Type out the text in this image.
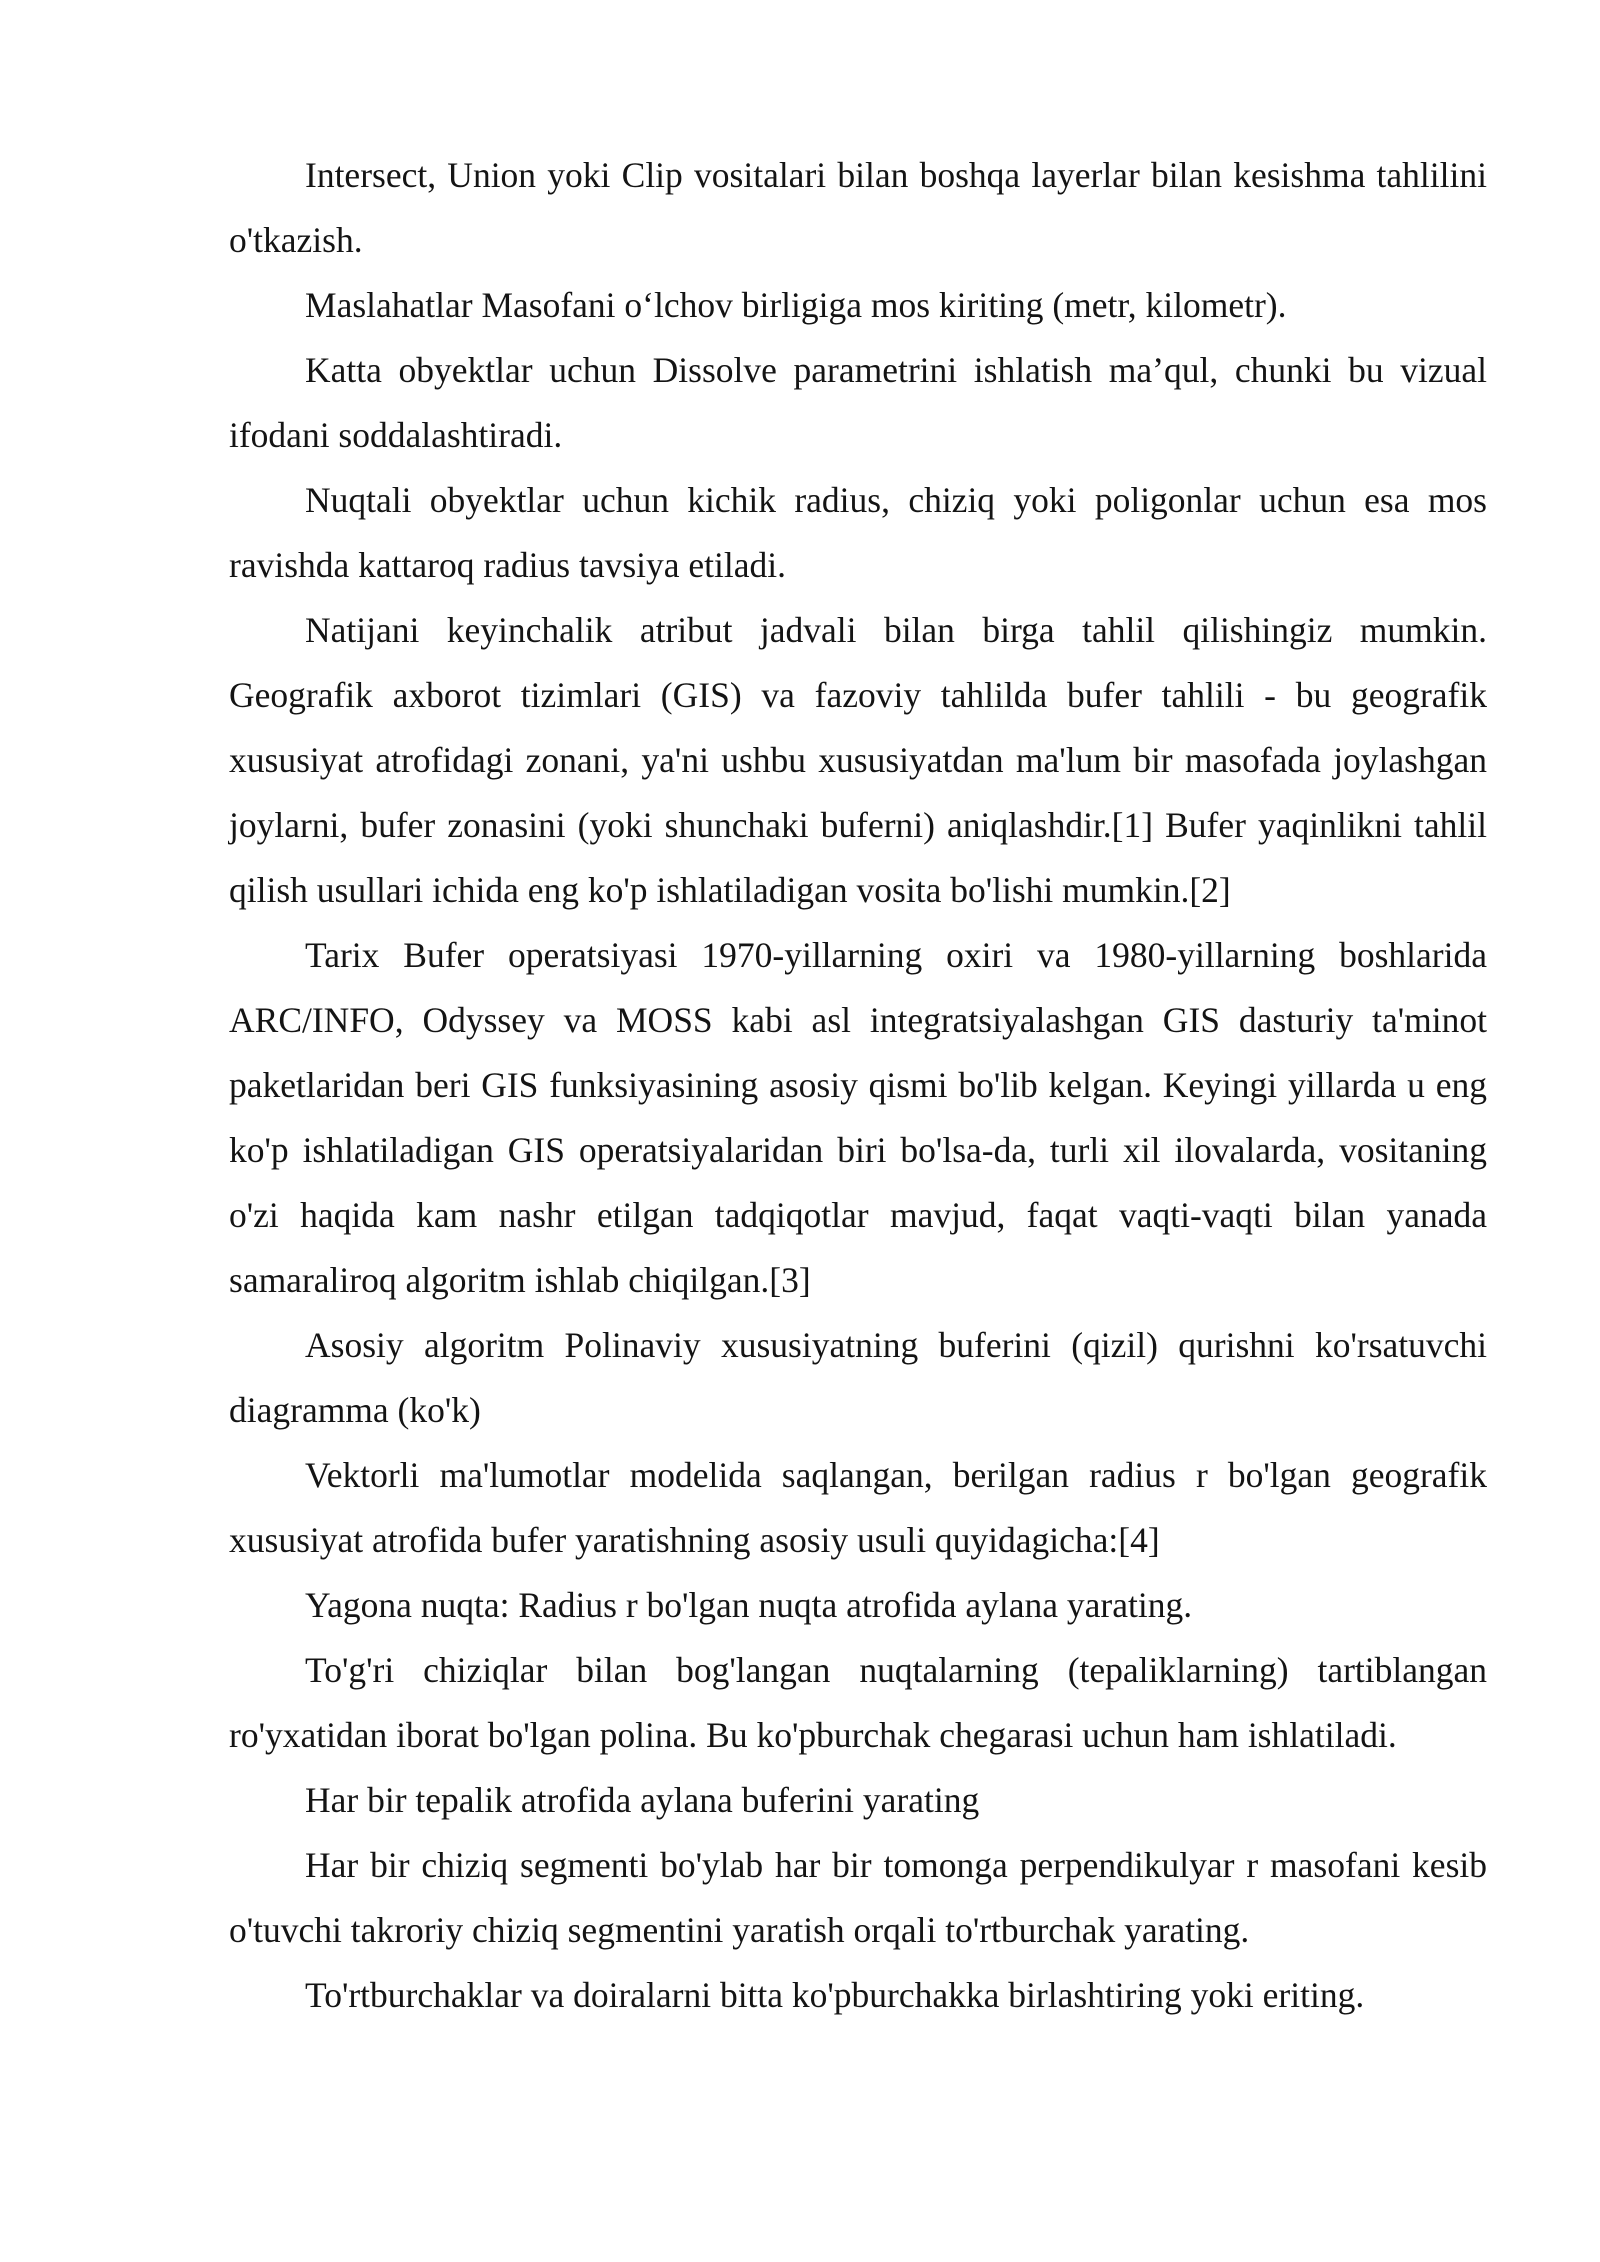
Intersect, Union yoki Clip vositalari bilan boshqa layerlar bilan kesishma tahlilini o'tkazish.

Maslahatlar Masofani o‘lchov birligiga mos kiriting (metr, kilometr).

Katta obyektlar uchun Dissolve parametrini ishlatish ma’qul, chunki bu vizual ifodani soddalashtiradi.

Nuqtali obyektlar uchun kichik radius, chiziq yoki poligonlar uchun esa mos ravishda kattaroq radius tavsiya etiladi.

Natijani keyinchalik atribut jadvali bilan birga tahlil qilishingiz mumkin. Geografik axborot tizimlari (GIS) va fazoviy tahlilda bufer tahlili - bu geografik xususiyat atrofidagi zonani, ya'ni ushbu xususiyatdan ma'lum bir masofada joylashgan joylarni, bufer zonasini (yoki shunchaki buferni) aniqlashdir.[1] Bufer yaqinlikni tahlil qilish usullari ichida eng ko'p ishlatiladigan vosita bo'lishi mumkin.[2]

Tarix Bufer operatsiyasi 1970-yillarning oxiri va 1980-yillarning boshlarida ARC/INFO, Odyssey va MOSS kabi asl integratsiyalashgan GIS dasturiy ta'minot paketlaridan beri GIS funksiyasining asosiy qismi bo'lib kelgan. Keyingi yillarda u eng ko'p ishlatiladigan GIS operatsiyalaridan biri bo'lsa-da, turli xil ilovalarda, vositaning o'zi haqida kam nashr etilgan tadqiqotlar mavjud, faqat vaqti-vaqti bilan yanada samaraliroq algoritm ishlab chiqilgan.[3]

Asosiy algoritm Polinaviy xususiyatning buferini (qizil) qurishni ko'rsatuvchi diagramma (ko'k)

Vektorli ma'lumotlar modelida saqlangan, berilgan radius r bo'lgan geografik xususiyat atrofida bufer yaratishning asosiy usuli quyidagicha:[4]

Yagona nuqta: Radius r bo'lgan nuqta atrofida aylana yarating.

To'g'ri chiziqlar bilan bog'langan nuqtalarning (tepaliklarning) tartiblangan ro'yxatidan iborat bo'lgan polina. Bu ko'pburchak chegarasi uchun ham ishlatiladi.

Har bir tepalik atrofida aylana buferini yarating

Har bir chiziq segmenti bo'ylab har bir tomonga perpendikulyar r masofani kesib o'tuvchi takroriy chiziq segmentini yaratish orqali to'rtburchak yarating.

To'rtburchaklar va doiralarni bitta ko'pburchakka birlashtiring yoki eriting.
